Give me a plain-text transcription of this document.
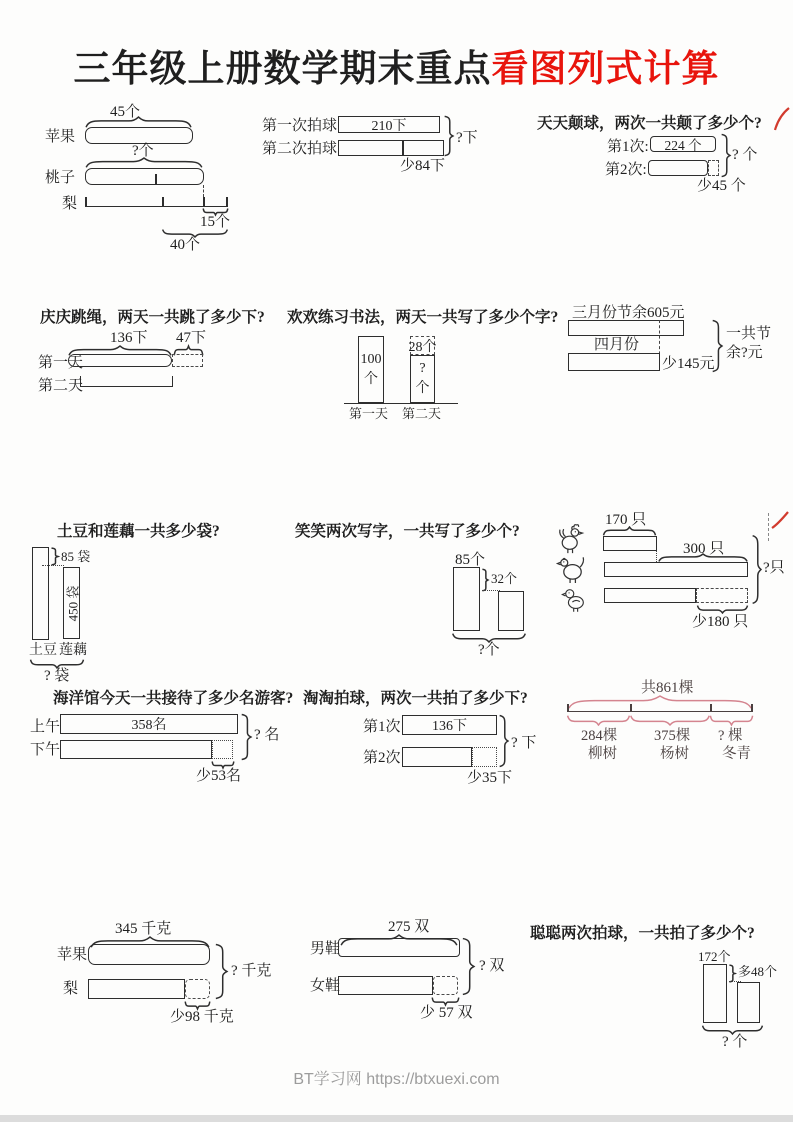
三年级上册数学期末重点看图列式计算
45个
苹果
?个
桃子
梨
15个
40个
第一次拍球 210下
第二次拍球
少84下
?下
天天颠球，两次一共颠了多少个?
第1次: 224 个
第2次:
? 个
少45 个
庆庆跳绳，两天一共跳了多少下?
136下 47下
第一天
第二天
欢欢练习书法，两天一共写了多少个字?
100
个
28个
?
个
第一天 第二天
三月份节余605元
四月份
少145元
一共节
余?元
土豆和莲藕一共多少袋?
85 袋
450 袋
土豆 莲藕
? 袋
笑笑两次写字，一共写了多少个?
85个
32个
?个
170 只
300 只
少180 只
?只
海洋馆今天一共接待了多少名游客?
上午	358名
下午
少53名
? 名
淘淘拍球，两次一共拍了多少下?
第1次 136下
第2次
少35下
? 下
共861棵
284棵	375棵 ? 棵
柳树	杨树 冬青
345 千克
苹果
梨
少98 千克
? 千克
275 双
男鞋
女鞋
少 57 双
? 双
聪聪两次拍球，一共拍了多少个?
172个
多48个
? 个
BT学习网 https://btxuexi.com
